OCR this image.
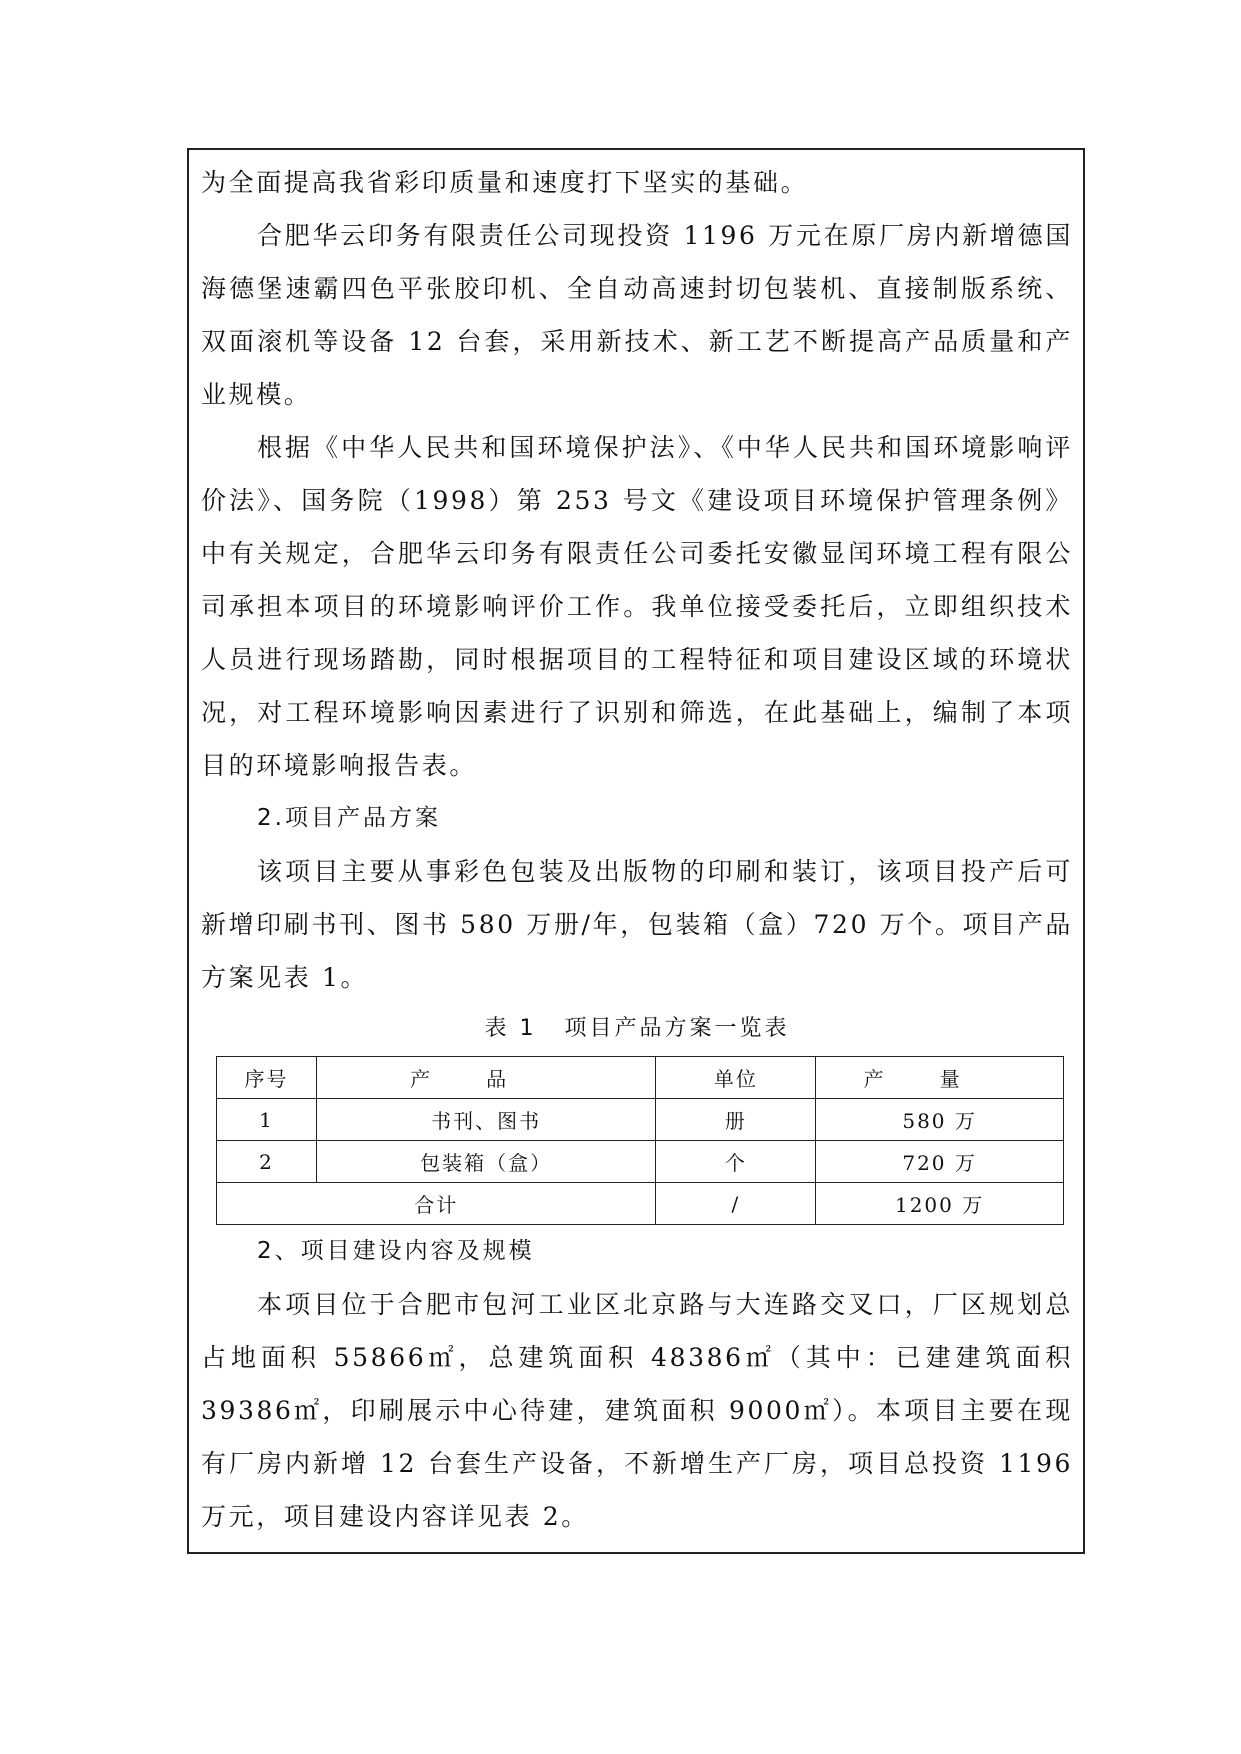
为全面提高我省彩印质量和速度打下坚实的基础。

合肥华云印务有限责任公司现投资 1196 万元在原厂房内新增德国海德堡速霸四色平张胶印机、全自动高速封切包装机、直接制版系统、双面滚机等设备 12 台套，采用新技术、新工艺不断提高产品质量和产业规模。

根据《中华人民共和国环境保护法》、《中华人民共和国环境影响评价法》、国务院（1998）第 253 号文《建设项目环境保护管理条例》中有关规定，合肥华云印务有限责任公司委托安徽显闰环境工程有限公司承担本项目的环境影响评价工作。我单位接受委托后，立即组织技术人员进行现场踏勘，同时根据项目的工程特征和项目建设区域的环境状况，对工程环境影响因素进行了识别和筛选，在此基础上，编制了本项目的环境影响报告表。

2.项目产品方案

该项目主要从事彩色包装及出版物的印刷和装订，该项目投产后可新增印刷书刊、图书 580 万册/年，包装箱（盒）720 万个。项目产品方案见表 1。

表 1 项目产品方案一览表
序号	产品	单位	产量
1	书刊、图书	册	580 万
2	包装箱（盒）	个	720 万
合计		/	1200 万

2、项目建设内容及规模

本项目位于合肥市包河工业区北京路与大连路交叉口，厂区规划总占地面积 55866㎡，总建筑面积 48386㎡（其中：已建建筑面积 39386㎡，印刷展示中心待建，建筑面积 9000㎡）。本项目主要在现有厂房内新增 12 台套生产设备，不新增生产厂房，项目总投资 1196 万元，项目建设内容详见表 2。
